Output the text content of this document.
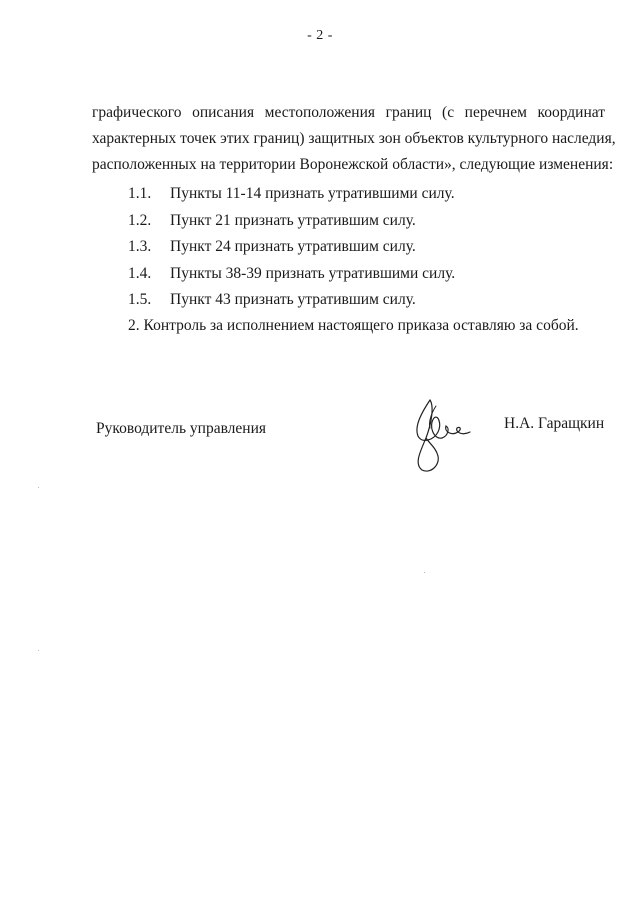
- 2 -
графического описания местоположения границ (с перечнем координат
характерных точек этих границ) защитных зон объектов культурного наследия,
расположенных на территории Воронежской области», следующие изменения:
1.1.	Пункты 11-14 признать утратившими силу.
1.2.	Пункт 21 признать утратившим силу.
1.3.	Пункт 24 признать утратившим силу.
1.4.	Пункты 38-39 признать утратившими силу.
1.5.	Пункт 43 признать утратившим силу.
2. Контроль за исполнением настоящего приказа оставляю за собой.
Руководитель управления	Н.А. Гаращкин
